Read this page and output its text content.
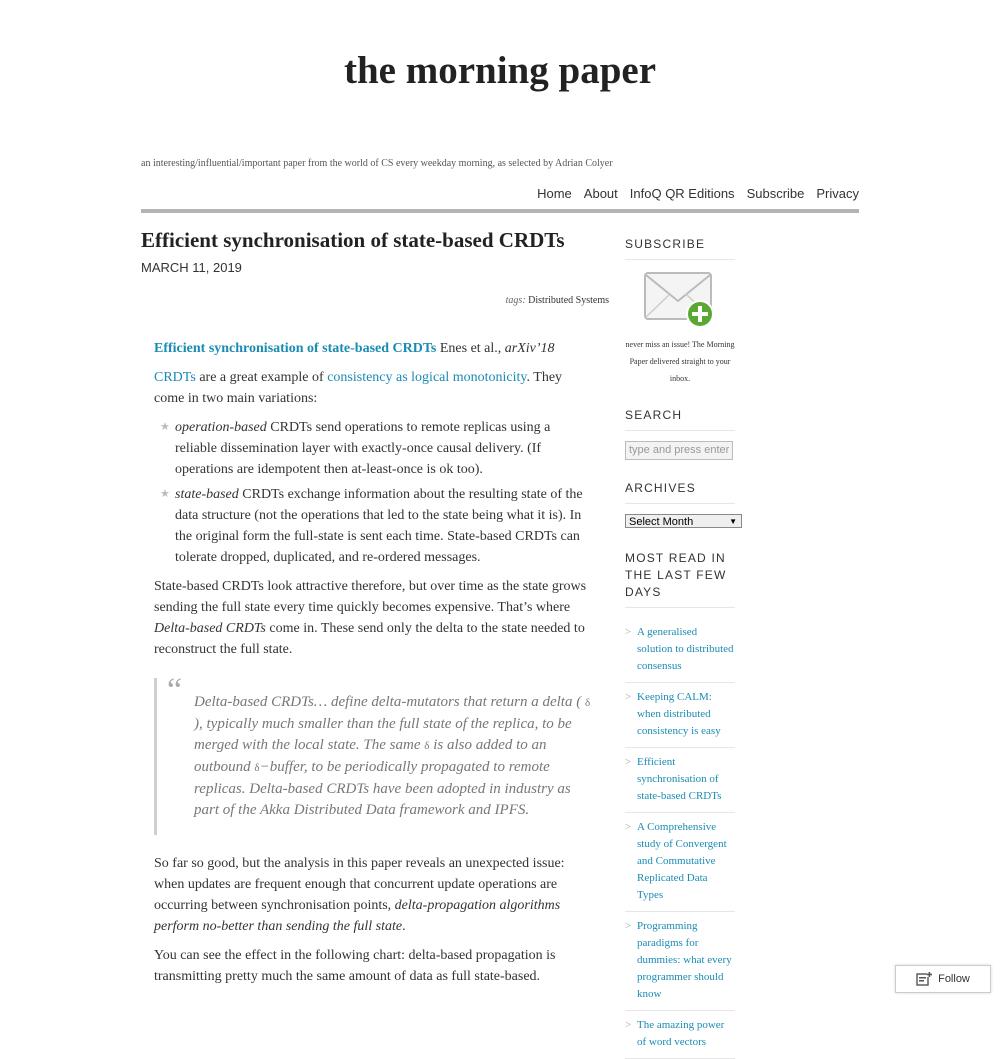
the morning paper
an interesting/influential/important paper from the world of CS every weekday morning, as selected by Adrian Colyer
Home About InfoQ QR Editions Subscribe Privacy
Efficient synchronisation of state-based CRDTs
MARCH 11, 2019
tags: Distributed Systems

Efficient synchronisation of state-based CRDTs Enes et al., arXiv’18

CRDTs are a great example of consistency as logical monotonicity. They come in two main variations:

★ operation-based CRDTs send operations to remote replicas using a reliable dissemination layer with exactly-once causal delivery. (If operations are idempotent then at-least-once is ok too).
★ state-based CRDTs exchange information about the resulting state of the data structure (not the operations that led to the state being what it is). In the original form the full-state is sent each time. State-based CRDTs can tolerate dropped, duplicated, and re-ordered messages.

State-based CRDTs look attractive therefore, but over time as the state grows sending the full state every time quickly becomes expensive. That’s where Delta-based CRDTs come in. These send only the delta to the state needed to reconstruct the full state.

“ Delta-based CRDTs… define delta-mutators that return a delta ( δ ), typically much smaller than the full state of the replica, to be merged with the local state. The same δ is also added to an outbound δ−buffer, to be periodically propagated to remote replicas. Delta-based CRDTs have been adopted in industry as part of the Akka Distributed Data framework and IPFS.

So far so good, but the analysis in this paper reveals an unexpected issue: when updates are frequent enough that concurrent update operations are occurring between synchronisation points, delta-propagation algorithms perform no-better than sending the full state.

You can see the effect in the following chart: delta-based propagation is transmitting pretty much the same amount of data as full state-based.

SUBSCRIBE
never miss an issue! The Morning Paper delivered straight to your inbox.
SEARCH
type and press enter
ARCHIVES
Select Month	▼
MOST READ IN THE LAST FEW DAYS
> A generalised solution to distributed consensus
> Keeping CALM: when distributed consistency is easy
> Efficient synchronisation of state-based CRDTs
> A Comprehensive study of Convergent and Commutative Replicated Data Types
> Programming paradigms for dummies: what every programmer should know
> The amazing power of word vectors
Follow
